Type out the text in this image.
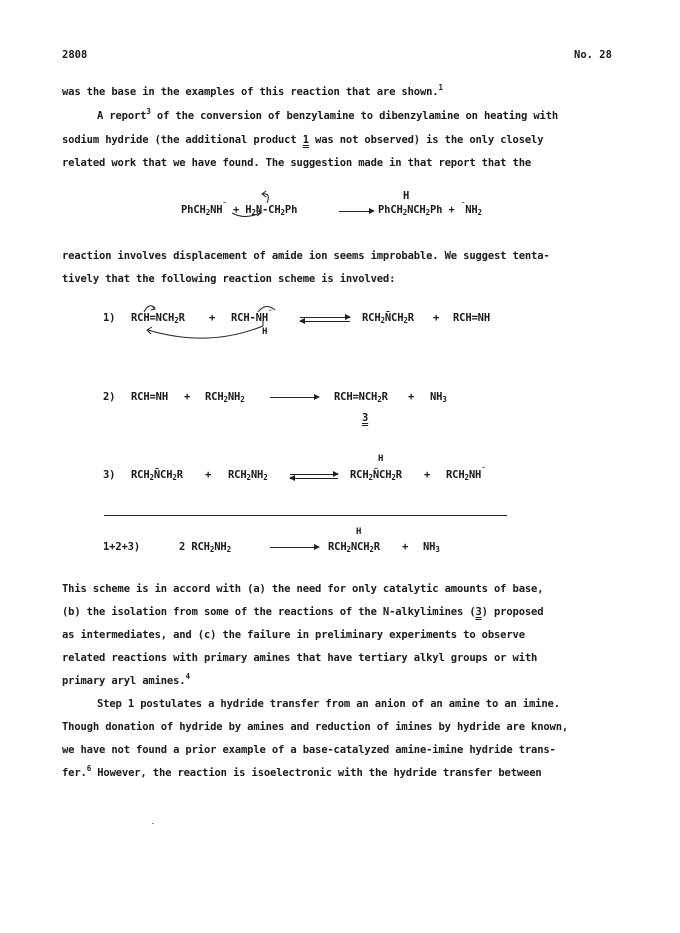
2808	No. 28
was the base in the examples of this reaction that are shown.$^1$
A report$^3$ of the conversion of benzylamine to dibenzylamine on heating with
sodium hydride (the additional product 1 was not observed) is the only closely
related work that we have found. The suggestion made in that report that the
PhCH$_2$NH¯ + $H_2N-CH_2Ph$
H
$PhCH_2NCH_2Ph + ^¯NH_2$
reaction involves displacement of amide ion seems improbable. We suggest tenta-
tively that the following reaction scheme is involved:
1) $RCH=NCH_2R + RCH-NH^¯$
H
⇌ $RCH_2N̄CH_2R + RCH=NH$
2) $RCH=NH + RCH_2NH_2 \to RCH=NCH_2R + NH_3$
3
3) $RCH_2N̄CH_2R + RCH_2NH_2$ ⇌
H
$RCH_2N̈CH_2R + RCH_2NH^¯$
1+2+3)	2 $RCH_2NH_2$
H
$RCH_2NCH_2R + NH_3$
This scheme is in accord with (a) the need for only catalytic amounts of base,
(b) the isolation from some of the reactions of the N-alkylimines (3) proposed
as intermediates, and (c) the failure in preliminary experiments to observe
related reactions with primary amines that have tertiary alkyl groups or with
primary aryl amines.$^4$
Step 1 postulates a hydride transfer from an anion of an amine to an imine.
Though donation of hydride by amines and reduction of imines by hydride are known,
we have not found a prior example of a base-catalyzed amine-imine hydride trans-
fer.$^6$ However, the reaction is isoelectronic with the hydride transfer between
